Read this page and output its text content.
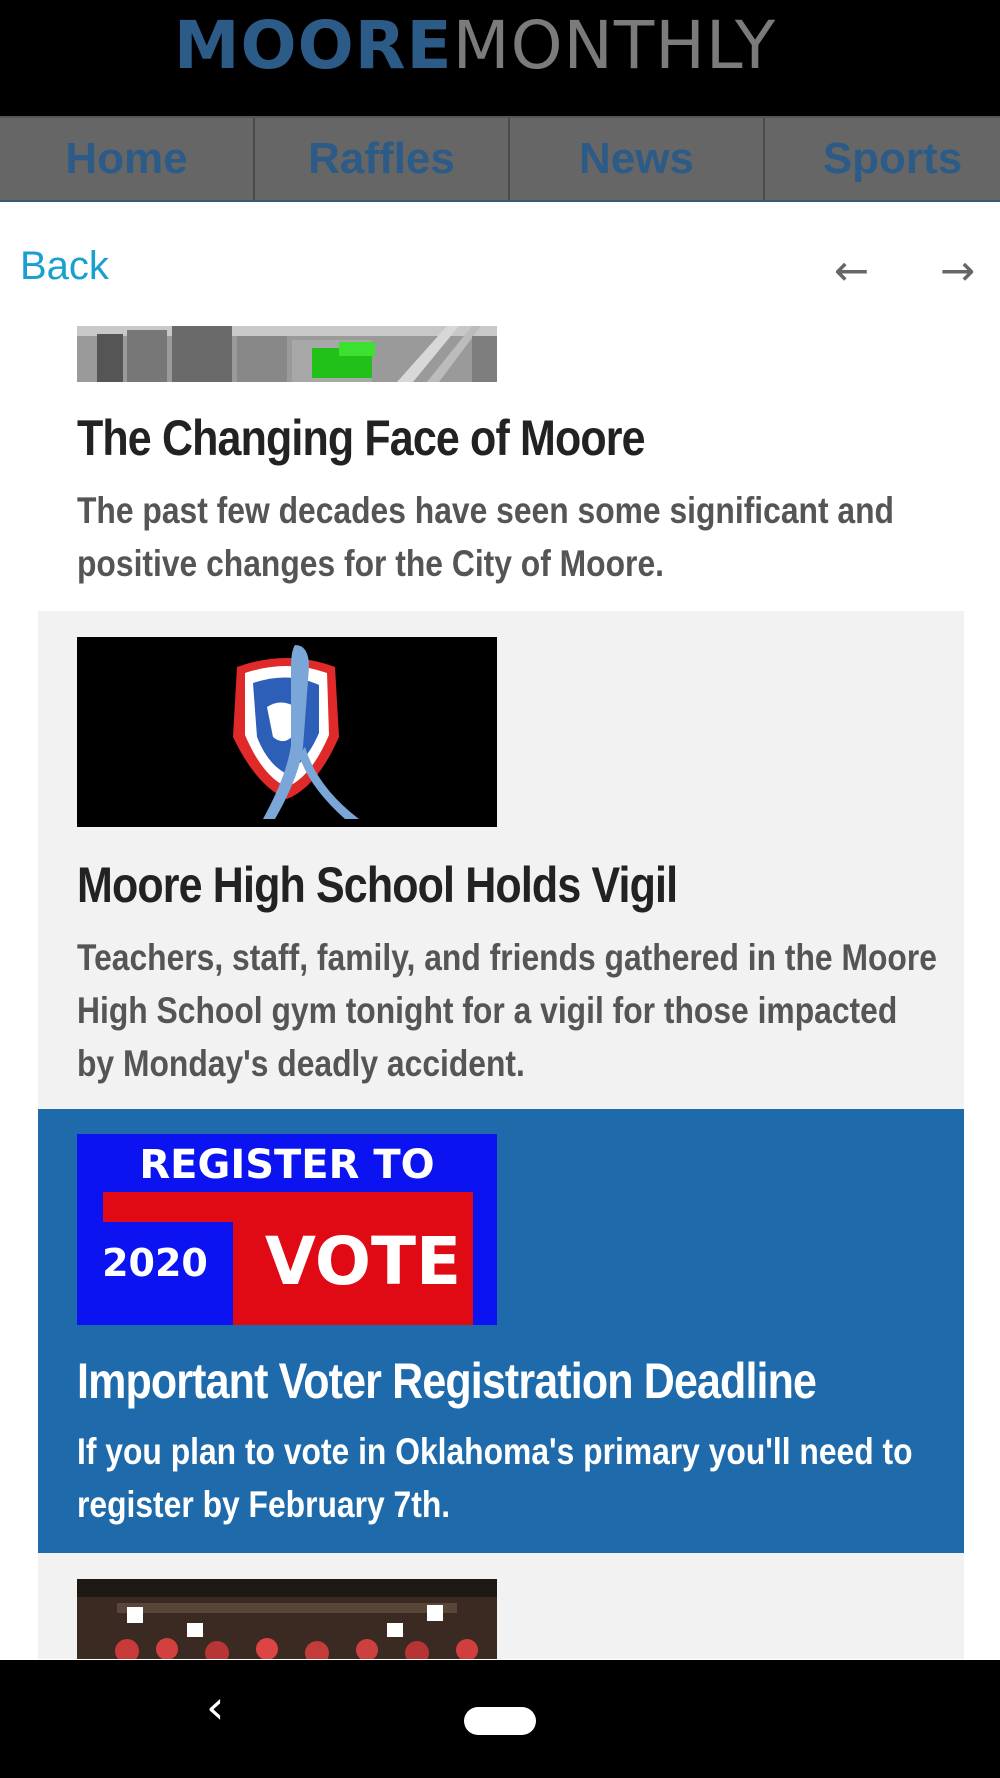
MOOREMONTHLY
Home	Raffles	News	Sports
Back	← →
The Changing Face of Moore
The past few decades have seen some significant and positive changes for the City of Moore.
Moore High School Holds Vigil
Teachers, staff, family, and friends gathered in the Moore High School gym tonight for a vigil for those impacted by Monday's deadly accident.
REGISTER TO
2020 VOTE
Important Voter Registration Deadline
If you plan to vote in Oklahoma's primary you'll need to register by February 7th.
‹
